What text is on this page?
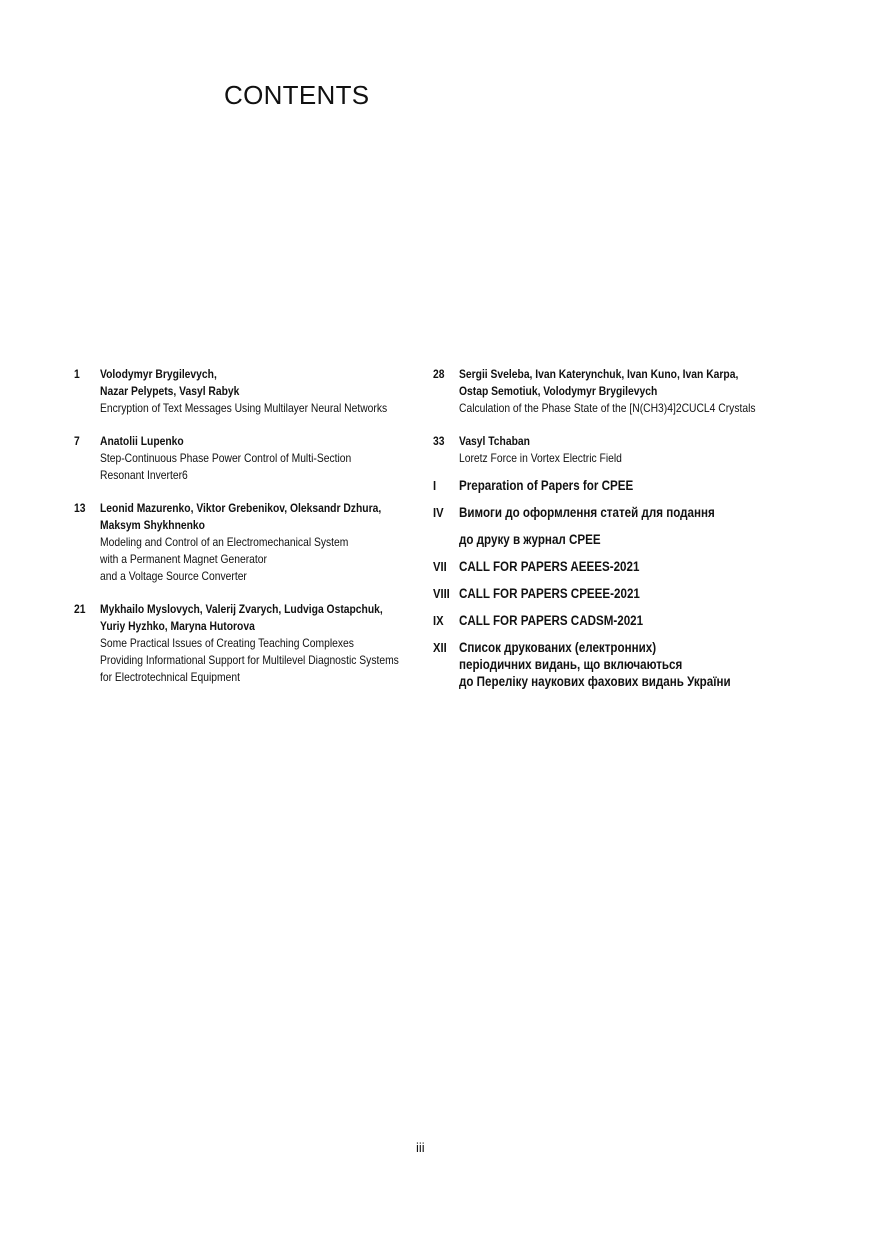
CONTENTS
1 Volodymyr Brygilevych,
Nazar Pelypets, Vasyl Rabyk
Encryption of Text Messages Using Multilayer Neural Networks
7 Anatolii Lupenko
Step-Continuous Phase Power Control of Multi-Section
Resonant Inverter6
13 Leonid Mazurenko, Viktor Grebenikov, Oleksandr Dzhura,
Maksym Shykhnenko
Modeling and Control of an Electromechanical System
with a Permanent Magnet Generator
and a Voltage Source Converter
21 Mykhailo Myslovych, Valerij Zvarych, Ludviga Ostapchuk,
Yuriy Hyzhko, Maryna Hutorova
Some Practical Issues of Creating Teaching Complexes
Providing Informational Support for Multilevel Diagnostic Systems
for Electrotechnical Equipment
28 Sergii Sveleba, Ivan Katerynchuk, Ivan Kuno, Ivan Karpa,
Ostap Semotiuk, Volodymyr Brygilevych
Calculation of the Phase State of the [N(CH3)4]2CUCL4 Crystals
33 Vasyl Tchaban
Loretz Force in Vortex Electric Field
I Preparation of Papers for CPEE
IV Вимоги до оформлення статей для подання
до друку в журнал CPEE
VII CALL FOR PAPERS AEEES-2021
VIII CALL FOR PAPERS CPEEE-2021
IX CALL FOR PAPERS CADSM-2021
XII Список друкованих (електронних)
періодичних видань, що включаються
до Переліку наукових фахових видань України
iii
